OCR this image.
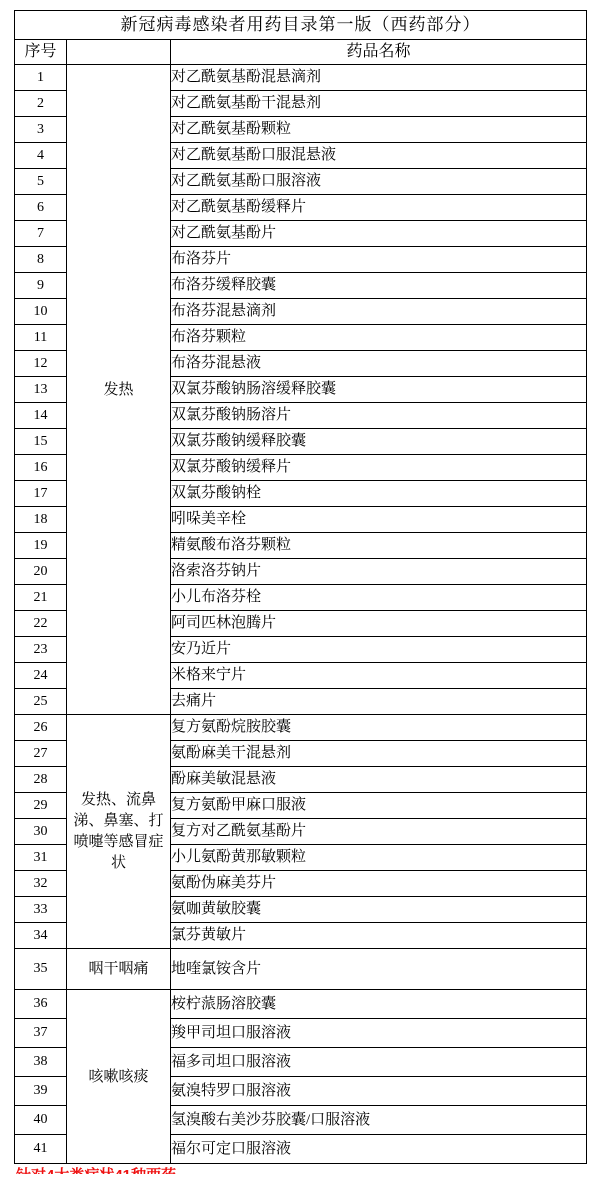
新冠病毒感染者用药目录第一版（西药部分）		
序号		药品名称
1	发热	对乙酰氨基酚混悬滴剂
2		对乙酰氨基酚干混悬剂
3		对乙酰氨基酚颗粒
4		对乙酰氨基酚口服混悬液
5		对乙酰氨基酚口服溶液
6		对乙酰氨基酚缓释片
7		对乙酰氨基酚片
8		布洛芬片
9		布洛芬缓释胶囊
10		布洛芬混悬滴剂
11		布洛芬颗粒
12		布洛芬混悬液
13		双氯芬酸钠肠溶缓释胶囊
14		双氯芬酸钠肠溶片
15		双氯芬酸钠缓释胶囊
16		双氯芬酸钠缓释片
17		双氯芬酸钠栓
18		吲哚美辛栓
19		精氨酸布洛芬颗粒
20		洛索洛芬钠片
21		小儿布洛芬栓
22		阿司匹林泡腾片
23		安乃近片
24		米格来宁片
25		去痛片
26	发热、流鼻涕、鼻塞、打喷嚏等感冒症状	复方氨酚烷胺胶囊
27		氨酚麻美干混悬剂
28		酚麻美敏混悬液
29		复方氨酚甲麻口服液
30		复方对乙酰氨基酚片
31		小儿氨酚黄那敏颗粒
32		氨酚伪麻美芬片
33		氨咖黄敏胶囊
34		氯芬黄敏片
35	咽干咽痛	地喹氯铵含片
36	咳嗽咳痰	桉柠蒎肠溶胶囊
37		羧甲司坦口服溶液
38		福多司坦口服溶液
39		氨溴特罗口服溶液
40		氢溴酸右美沙芬胶囊/口服溶液
41		福尔可定口服溶液
